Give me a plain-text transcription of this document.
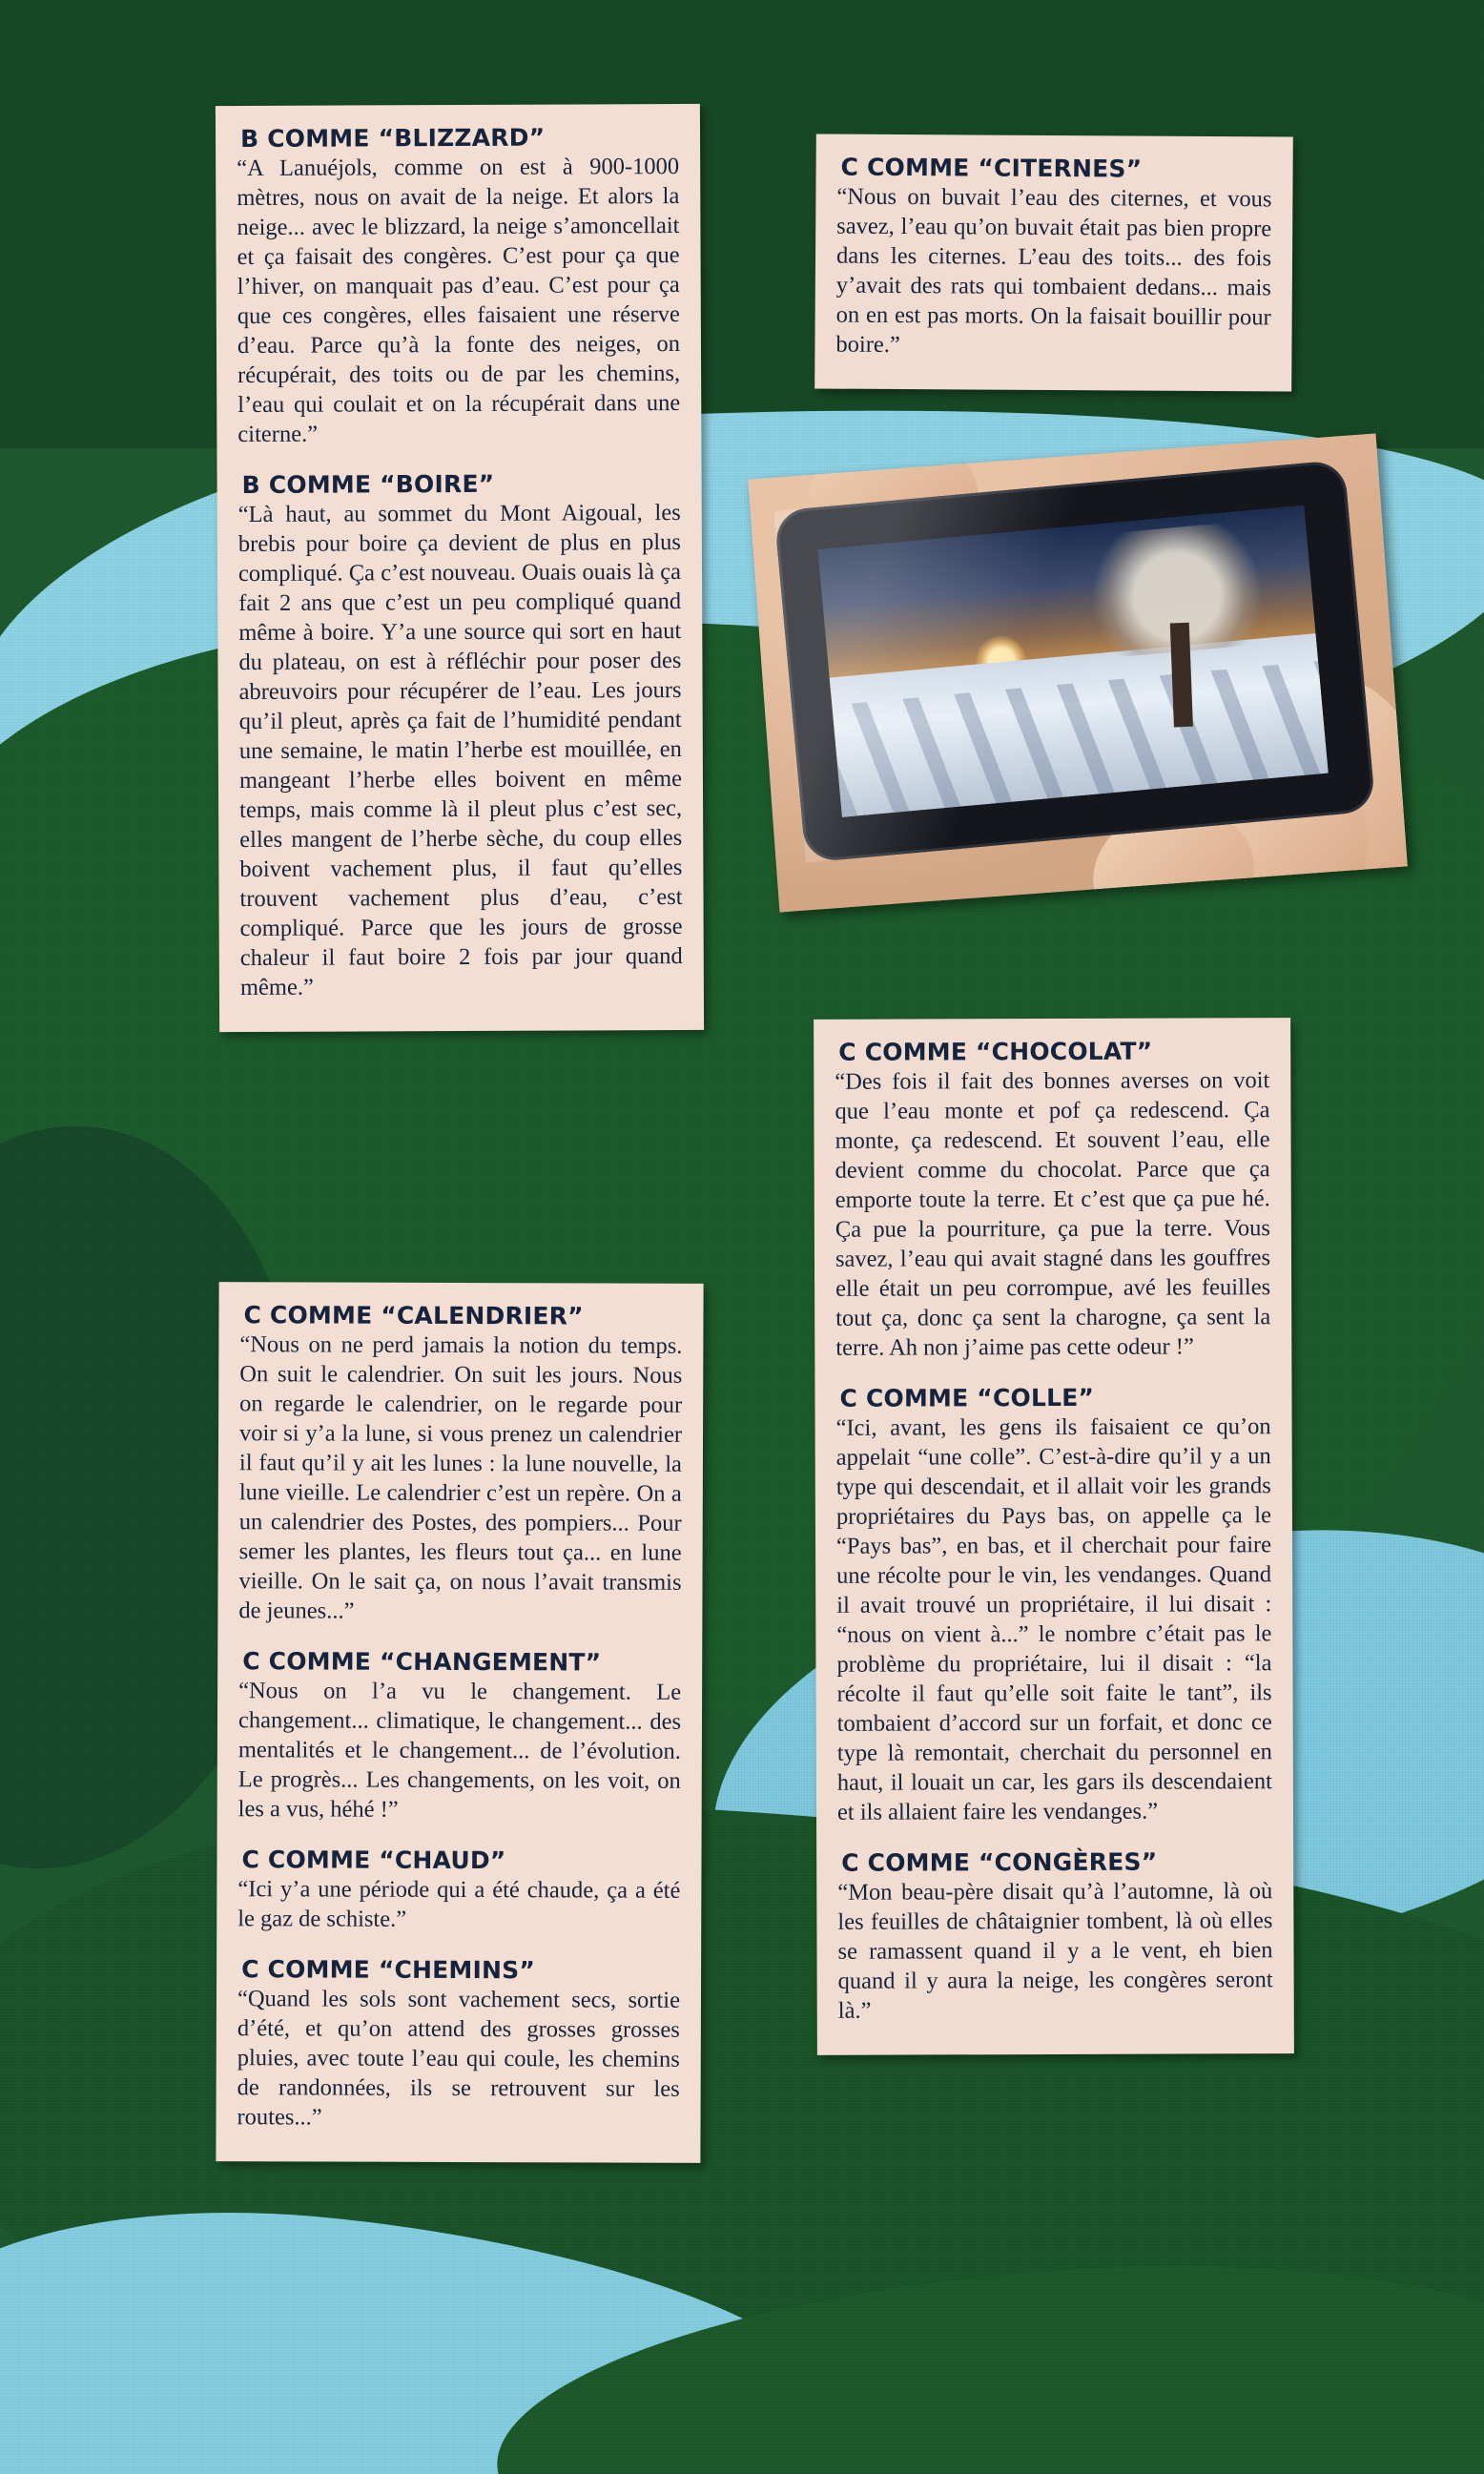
B COMME “BLIZZARD”

“A Lanuéjols, comme on est à 900-1000 mètres, nous on avait de la neige. Et alors la neige... avec le blizzard, la neige s’amoncellait et ça faisait des congères. C’est pour ça que l’hiver, on manquait pas d’eau. C’est pour ça que ces congères, elles faisaient une réserve d’eau. Parce qu’à la fonte des neiges, on récupérait, des toits ou de par les chemins, l’eau qui coulait et on la récupérait dans une citerne.”

B COMME “BOIRE”

“Là haut, au sommet du Mont Aigoual, les brebis pour boire ça devient de plus en plus compliqué. Ça c’est nouveau. Ouais ouais là ça fait 2 ans que c’est un peu compliqué quand même à boire. Y’a une source qui sort en haut du plateau, on est à réfléchir pour poser des abreuvoirs pour récupérer de l’eau. Les jours qu’il pleut, après ça fait de l’humidité pendant une semaine, le matin l’herbe est mouillée, en mangeant l’herbe elles boivent en même temps, mais comme là il pleut plus c’est sec, elles mangent de l’herbe sèche, du coup elles boivent vachement plus, il faut qu’elles trouvent vachement plus d’eau, c’est compliqué. Parce que les jours de grosse chaleur il faut boire 2 fois par jour quand même.”

C COMME “CALENDRIER”

“Nous on ne perd jamais la notion du temps. On suit le calendrier. On suit les jours. Nous on regarde le calendrier, on le regarde pour voir si y’a la lune, si vous prenez un calendrier il faut qu’il y ait les lunes : la lune nouvelle, la lune vieille. Le calendrier c’est un repère. On a un calendrier des Postes, des pompiers... Pour semer les plantes, les fleurs tout ça... en lune vieille. On le sait ça, on nous l’avait transmis de jeunes...”

C COMME “CHANGEMENT”

“Nous on l’a vu le changement. Le changement... climatique, le changement... des mentalités et le changement... de l’évolution. Le progrès... Les changements, on les voit, on les a vus, héhé !”

C COMME “CHAUD”

“Ici y’a une période qui a été chaude, ça a été le gaz de schiste.”

C COMME “CHEMINS”

“Quand les sols sont vachement secs, sortie d’été, et qu’on attend des grosses grosses pluies, avec toute l’eau qui coule, les chemins de randonnées, ils se retrouvent sur les routes...”

C COMME “CITERNES”

“Nous on buvait l’eau des citernes, et vous savez, l’eau qu’on buvait était pas bien propre dans les citernes. L’eau des toits... des fois y’avait des rats qui tombaient dedans... mais on en est pas morts. On la faisait bouillir pour boire.”

C COMME “CHOCOLAT”

“Des fois il fait des bonnes averses on voit que l’eau monte et pof ça redescend. Ça monte, ça redescend. Et souvent l’eau, elle devient comme du chocolat. Parce que ça emporte toute la terre. Et c’est que ça pue hé. Ça pue la pourriture, ça pue la terre. Vous savez, l’eau qui avait stagné dans les gouffres elle était un peu corrompue, avé les feuilles tout ça, donc ça sent la charogne, ça sent la terre. Ah non j’aime pas cette odeur !”

C COMME “COLLE”

“Ici, avant, les gens ils faisaient ce qu’on appelait “une colle”. C’est-à-dire qu’il y a un type qui descendait, et il allait voir les grands propriétaires du Pays bas, on appelle ça le “Pays bas”, en bas, et il cherchait pour faire une récolte pour le vin, les vendanges. Quand il avait trouvé un propriétaire, il lui disait : “nous on vient à...” le nombre c’était pas le problème du propriétaire, lui il disait : “la récolte il faut qu’elle soit faite le tant”, ils tombaient d’accord sur un forfait, et donc ce type là remontait, cherchait du personnel en haut, il louait un car, les gars ils descendaient et ils allaient faire les vendanges.”

C COMME “CONGÈRES”

“Mon beau-père disait qu’à l’automne, là où les feuilles de châtaignier tombent, là où elles se ramassent quand il y a le vent, eh bien quand il y aura la neige, les congères seront là.”
